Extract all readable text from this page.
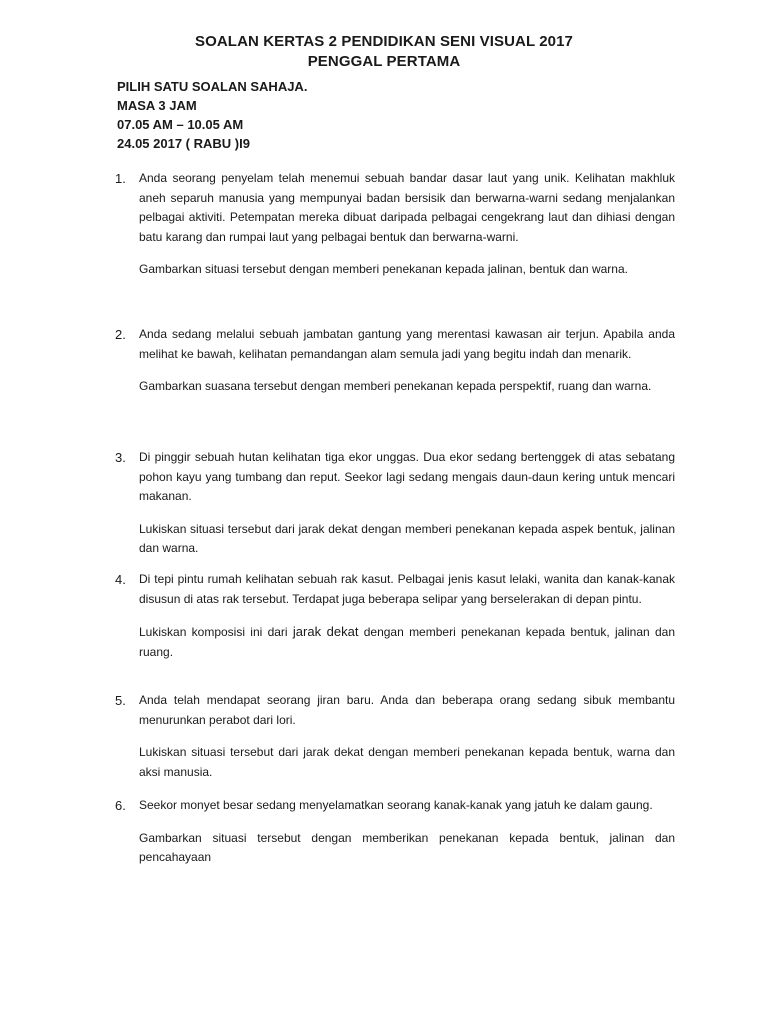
SOALAN KERTAS 2 PENDIDIKAN SENI VISUAL 2017
PENGGAL PERTAMA
PILIH SATU SOALAN SAHAJA.
MASA 3 JAM
07.05 AM – 10.05 AM
24.05 2017 ( RABU )I9
1. Anda seorang penyelam telah menemui sebuah bandar dasar laut yang unik. Kelihatan makhluk aneh separuh manusia yang mempunyai badan bersisik dan berwarna-warni sedang menjalankan pelbagai aktiviti. Petempatan mereka dibuat daripada pelbagai cengekrang laut dan dihiasi dengan batu karang dan rumpai laut yang pelbagai bentuk dan berwarna-warni.

Gambarkan situasi tersebut dengan memberi penekanan kepada jalinan, bentuk dan warna.

2. Anda sedang melalui sebuah jambatan gantung yang merentasi kawasan air terjun. Apabila anda melihat ke bawah, kelihatan pemandangan alam semula jadi yang begitu indah dan menarik.

Gambarkan suasana tersebut dengan memberi penekanan kepada perspektif, ruang dan warna.

3. Di pinggir sebuah hutan kelihatan tiga ekor unggas. Dua ekor sedang bertenggek di atas sebatang pohon kayu yang tumbang dan reput. Seekor lagi sedang mengais daun-daun kering untuk mencari makanan.

Lukiskan situasi tersebut dari jarak dekat dengan memberi penekanan kepada aspek bentuk, jalinan dan warna.

4. Di tepi pintu rumah kelihatan sebuah rak kasut. Pelbagai jenis kasut lelaki, wanita dan kanak-kanak disusun di atas rak tersebut. Terdapat juga beberapa selipar yang berselerakan di depan pintu.

Lukiskan komposisi ini dari jarak dekat dengan memberi penekanan kepada bentuk, jalinan dan ruang.

5. Anda telah mendapat seorang jiran baru. Anda dan beberapa orang sedang sibuk membantu menurunkan perabot dari lori.

Lukiskan situasi tersebut dari jarak dekat dengan memberi penekanan kepada bentuk, warna dan aksi manusia.

6. Seekor monyet besar sedang menyelamatkan seorang kanak-kanak yang jatuh ke dalam gaung.

Gambarkan situasi tersebut dengan memberikan penekanan kepada bentuk, jalinan dan pencahayaan
